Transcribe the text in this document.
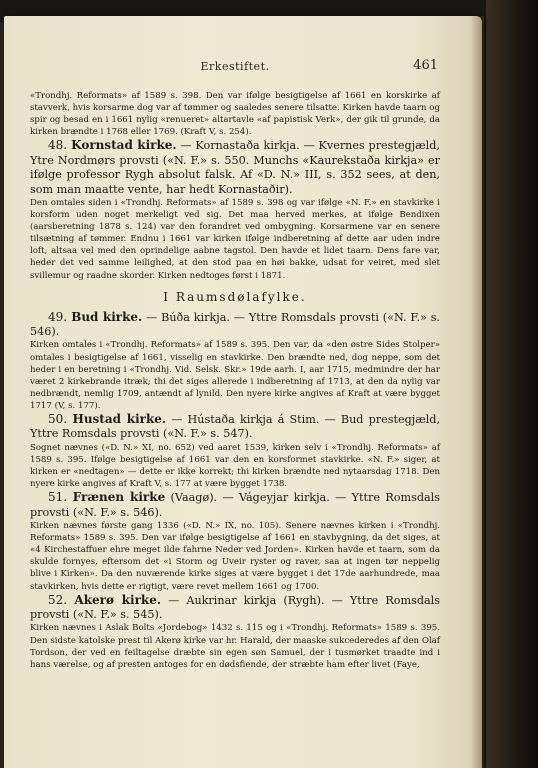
Erkestiftet.	461

«Trondhj. Reformats» af 1589 s. 398. Den var ifølge besigtigelse af 1661 en korskirke af stavverk, hvis korsarme dog var af tømmer og saaledes senere tilsatte. Kirken havde taarn og spir og besad en i 1661 nylig «renueret» altartavle «af papistisk Verk», der gik til grunde, da kirken brændte i 1768 eller 1769. (Kraft V, s. 254).

48. Kornstad kirke. — Kornastaða kirkja. — Kvernes prestegjæld, Ytre Nordmørs provsti («N. F.» s. 550. Munchs «Kaurekstaða kirkja» er ifølge professor Rygh absolut falsk. Af «D. N.» III, s. 352 sees, at den, som man maatte vente, har hedt Kornastaðir).

Den omtales siden i «Trondhj. Reformats» af 1589 s. 398 og var ifølge «N. F.» en stavkirke i korsform uden noget merkeligt ved sig. Det maa herved merkes, at ifølge Bendixen (aarsberetning 1878 s. 124) var den forandret ved ombygning. Korsarmene var en senere tilsætning af tømmer. Endnu i 1661 var kirken ifølge indberetning af dette aar uden indre loft, altsaa vel med den oprindelige aabne tagstol. Den havde et lidet taarn. Dens fare var, heder det ved samme leilighed, at den stod paa en høi bakke, udsat for veiret, med slet svillemur og raadne skorder. Kirken nedtoges først i 1871.

I Raumsdølafylke.

49. Bud kirke. — Búða kirkja. — Yttre Romsdals provsti («N. F.» s. 546).

Kirken omtales i «Trondhj. Reformats» af 1589 s. 395. Den var, da «den østre Sides Stolper» omtales i besigtigelse af 1661, visselig en stavkirke. Den brændte ned, dog neppe, som det heder i en beretning i «Trondhj. Vid. Selsk. Skr.» 19de aarh. I, aar 1715, medmindre der har været 2 kirkebrande itræk; thi det siges allerede i indberetning af 1713, at den da nylig var nedbrændt, nemlig 1709, antændt af lynild. Den nyere kirke angives af Kraft at være bygget 1717 (V, s. 177).

50. Hustad kirke. — Hústaða kirkja á Stim. — Bud prestegjæld, Yttre Romsdals provsti («N. F.» s. 547).

Sognet nævnes («D. N.» XI, no. 652) ved aaret 1539, kirken selv i «Trondhj. Reformats» af 1589 s. 395. Ifølge besigtigelse af 1661 var den en korsformet stavkirke. «N. F.» siger, at kirken er «nedtagen» — dette er ikke korrekt; thi kirken brændte ned nytaarsdag 1718. Den nyere kirke angives af Kraft V, s. 177 at være bygget 1738.

51. Frænen kirke (Vaagø). — Vágeyjar kirkja. — Yttre Romsdals provsti («N. F.» s. 546).

Kirken nævnes første gang 1336 («D. N.» IX, no. 105). Senere nævnes kirken i «Trondhj. Reformats» 1589 s. 395. Den var ifølge besigtigelse af 1661 en stavbygning, da det siges, at «4 Kirchestaffuer ehre meget ilde fahrne Neder ved Jorden». Kirken havde et taarn, som da skulde fornyes, eftersom det «i Storm og Uveir ryster og raver, saa at ingen tør neppelig blive i Kirken». Da den nuværende kirke siges at være bygget i det 17de aarhundrede, maa stavkirken, hvis dette er rigtigt, være revet mellem 1661 og 1700.

52. Akerø kirke. — Aukrinar kirkja (Rygh). — Yttre Romsdals provsti («N. F.» s. 545).

Kirken nævnes i Aslak Bolts «Jordebog» 1432 s. 115 og i «Trondhj. Reformats» 1589 s. 395. Den sidste katolske prest til Akerø kirke var hr. Harald, der maaske sukcederedes af den Olaf Tordson, der ved en feiltagelse dræbte sin egen søn Samuel, der i tusmørket traadte ind i hans værelse, og af presten antoges for en dødsfiende, der stræbte ham efter livet (Faye,
